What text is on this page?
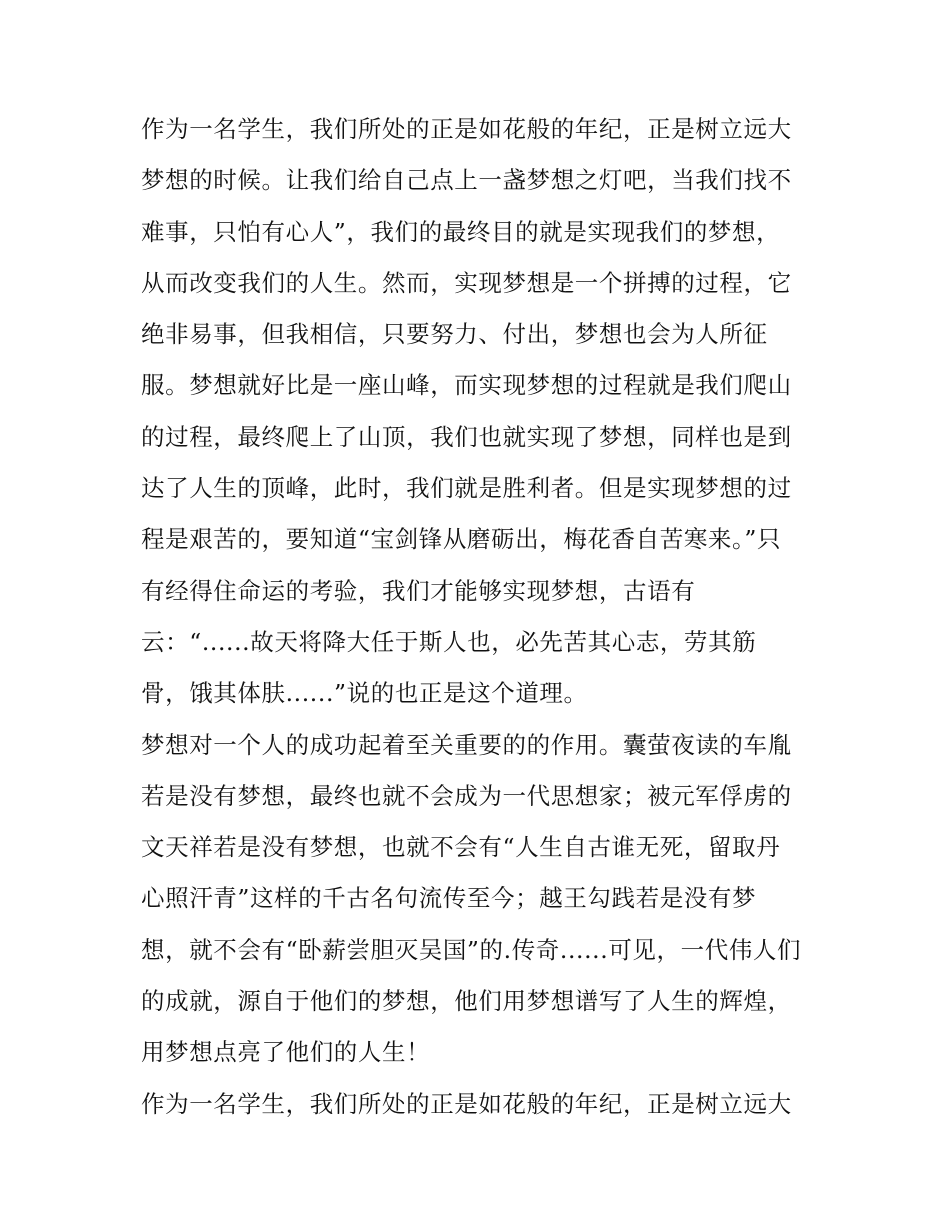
作为一名学生，我们所处的正是如花般的年纪，正是树立远大
梦想的时候。让我们给自己点上一盏梦想之灯吧，当我们找不
难事，只怕有心人”，我们的最终目的就是实现我们的梦想，
从而改变我们的人生。然而，实现梦想是一个拼搏的过程，它
绝非易事，但我相信，只要努力、付出，梦想也会为人所征
服。梦想就好比是一座山峰，而实现梦想的过程就是我们爬山
的过程，最终爬上了山顶，我们也就实现了梦想，同样也是到
达了人生的顶峰，此时，我们就是胜利者。但是实现梦想的过
程是艰苦的，要知道“宝剑锋从磨砺出，梅花香自苦寒来。”只
有经得住命运的考验，我们才能够实现梦想，古语有
云：“......故天将降大任于斯人也，必先苦其心志，劳其筋
骨，饿其体肤......”说的也正是这个道理。
梦想对一个人的成功起着至关重要的的作用。囊萤夜读的车胤
若是没有梦想，最终也就不会成为一代思想家；被元军俘虏的
文天祥若是没有梦想，也就不会有“人生自古谁无死，留取丹
心照汗青”这样的千古名句流传至今；越王勾践若是没有梦
想，就不会有“卧薪尝胆灭吴国”的.传奇......可见，一代伟人们
的成就，源自于他们的梦想，他们用梦想谱写了人生的辉煌，
用梦想点亮了他们的人生！
作为一名学生，我们所处的正是如花般的年纪，正是树立远大
